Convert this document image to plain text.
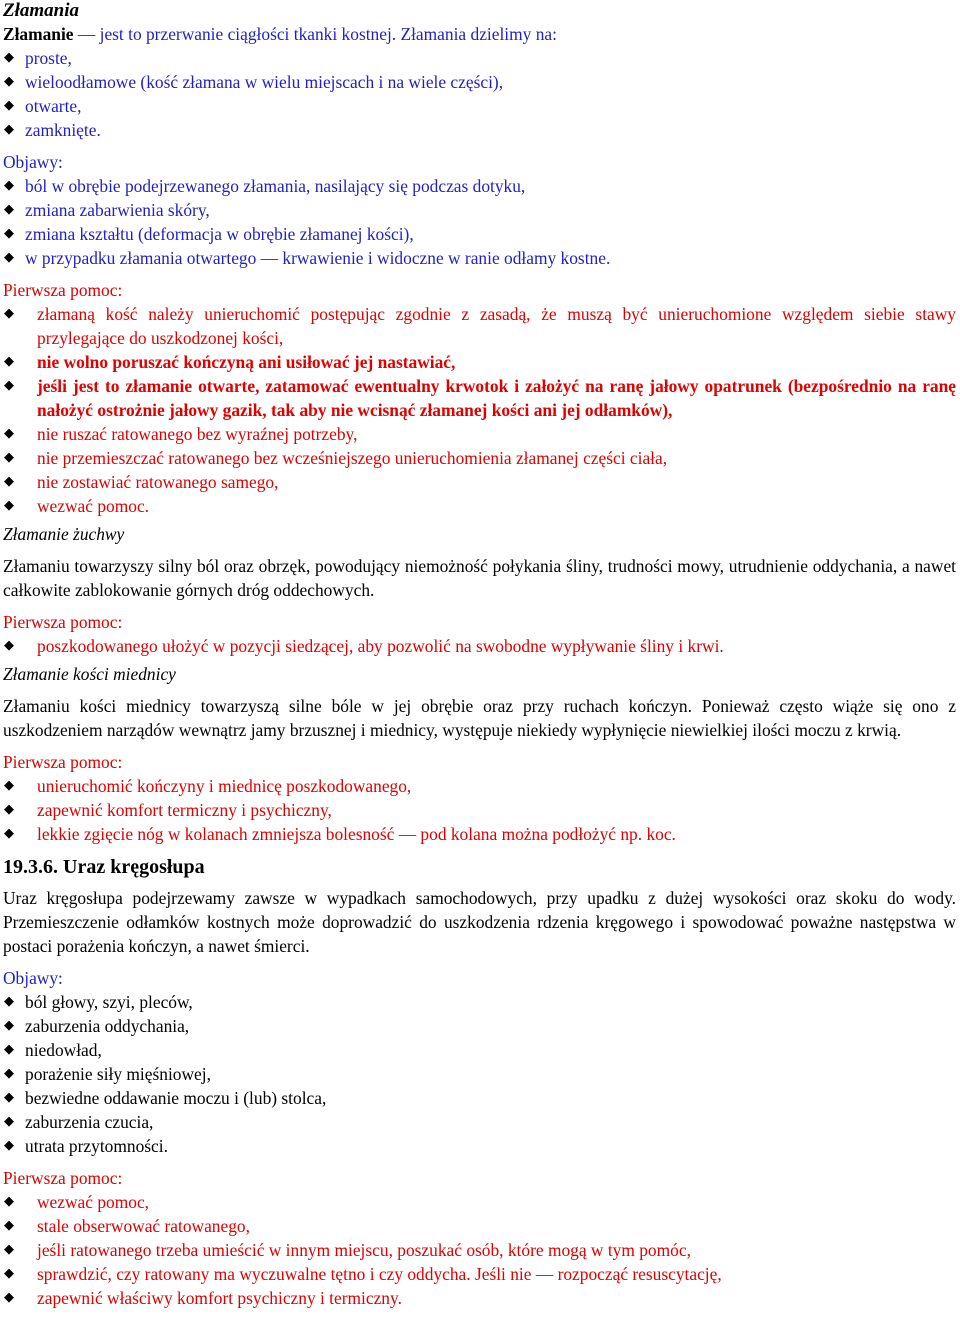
Złamania

Złamanie — jest to przerwanie ciągłości tkanki kostnej. Złamania dzielimy na:

◆ proste,
◆ wieloodłamowe (kość złamana w wielu miejscach i na wiele części),
◆ otwarte,
◆ zamknięte.

Objawy:

◆ ból w obrębie podejrzewanego złamania, nasilający się podczas dotyku,
◆ zmiana zabarwienia skóry,
◆ zmiana kształtu (deformacja w obrębie złamanej kości),
◆ w przypadku złamania otwartego — krwawienie i widoczne w ranie odłamy kostne.

Pierwsza pomoc:

◆ złamaną kość należy unieruchomić postępując zgodnie z zasadą, że muszą być unieruchomione względem siebie stawy przylegające do uszkodzonej kości,
◆ nie wolno poruszać kończyną ani usiłować jej nastawiać,
◆ jeśli jest to złamanie otwarte, zatamować ewentualny krwotok i założyć na ranę jałowy opatrunek (bezpośrednio na ranę nałożyć ostrożnie jałowy gazik, tak aby nie wcisnąć złamanej kości ani jej odłamków),
◆ nie ruszać ratowanego bez wyraźnej potrzeby,
◆ nie przemieszczać ratowanego bez wcześniejszego unieruchomienia złamanej części ciała,
◆ nie zostawiać ratowanego samego,
◆ wezwać pomoc.

Złamanie żuchwy

Złamaniu towarzyszy silny ból oraz obrzęk, powodujący niemożność połykania śliny, trudności mowy, utrudnienie oddychania, a nawet całkowite zablokowanie górnych dróg oddechowych.

Pierwsza pomoc:

◆ poszkodowanego ułożyć w pozycji siedzącej, aby pozwolić na swobodne wypływanie śliny i krwi.

Złamanie kości miednicy

Złamaniu kości miednicy towarzyszą silne bóle w jej obrębie oraz przy ruchach kończyn. Ponieważ często wiąże się ono z uszkodzeniem narządów wewnątrz jamy brzusznej i miednicy, występuje niekiedy wypłynięcie niewielkiej ilości moczu z krwią.

Pierwsza pomoc:

◆ unieruchomić kończyny i miednicę poszkodowanego,
◆ zapewnić komfort termiczny i psychiczny,
◆ lekkie zgięcie nóg w kolanach zmniejsza bolesność — pod kolana można podłożyć np. koc.

19.3.6. Uraz kręgosłupa

Uraz kręgosłupa podejrzewamy zawsze w wypadkach samochodowych, przy upadku z dużej wysokości oraz skoku do wody. Przemieszczenie odłamków kostnych może doprowadzić do uszkodzenia rdzenia kręgowego i spowodować poważne następstwa w postaci porażenia kończyn, a nawet śmierci.

Objawy:

◆ ból głowy, szyi, pleców,
◆ zaburzenia oddychania,
◆ niedowład,
◆ porażenie siły mięśniowej,
◆ bezwiedne oddawanie moczu i (lub) stolca,
◆ zaburzenia czucia,
◆ utrata przytomności.

Pierwsza pomoc:

◆ wezwać pomoc,
◆ stale obserwować ratowanego,
◆ jeśli ratowanego trzeba umieścić w innym miejscu, poszukać osób, które mogą w tym pomóc,
◆ sprawdzić, czy ratowany ma wyczuwalne tętno i czy oddycha. Jeśli nie — rozpocząć resuscytację,
◆ zapewnić właściwy komfort psychiczny i termiczny.
